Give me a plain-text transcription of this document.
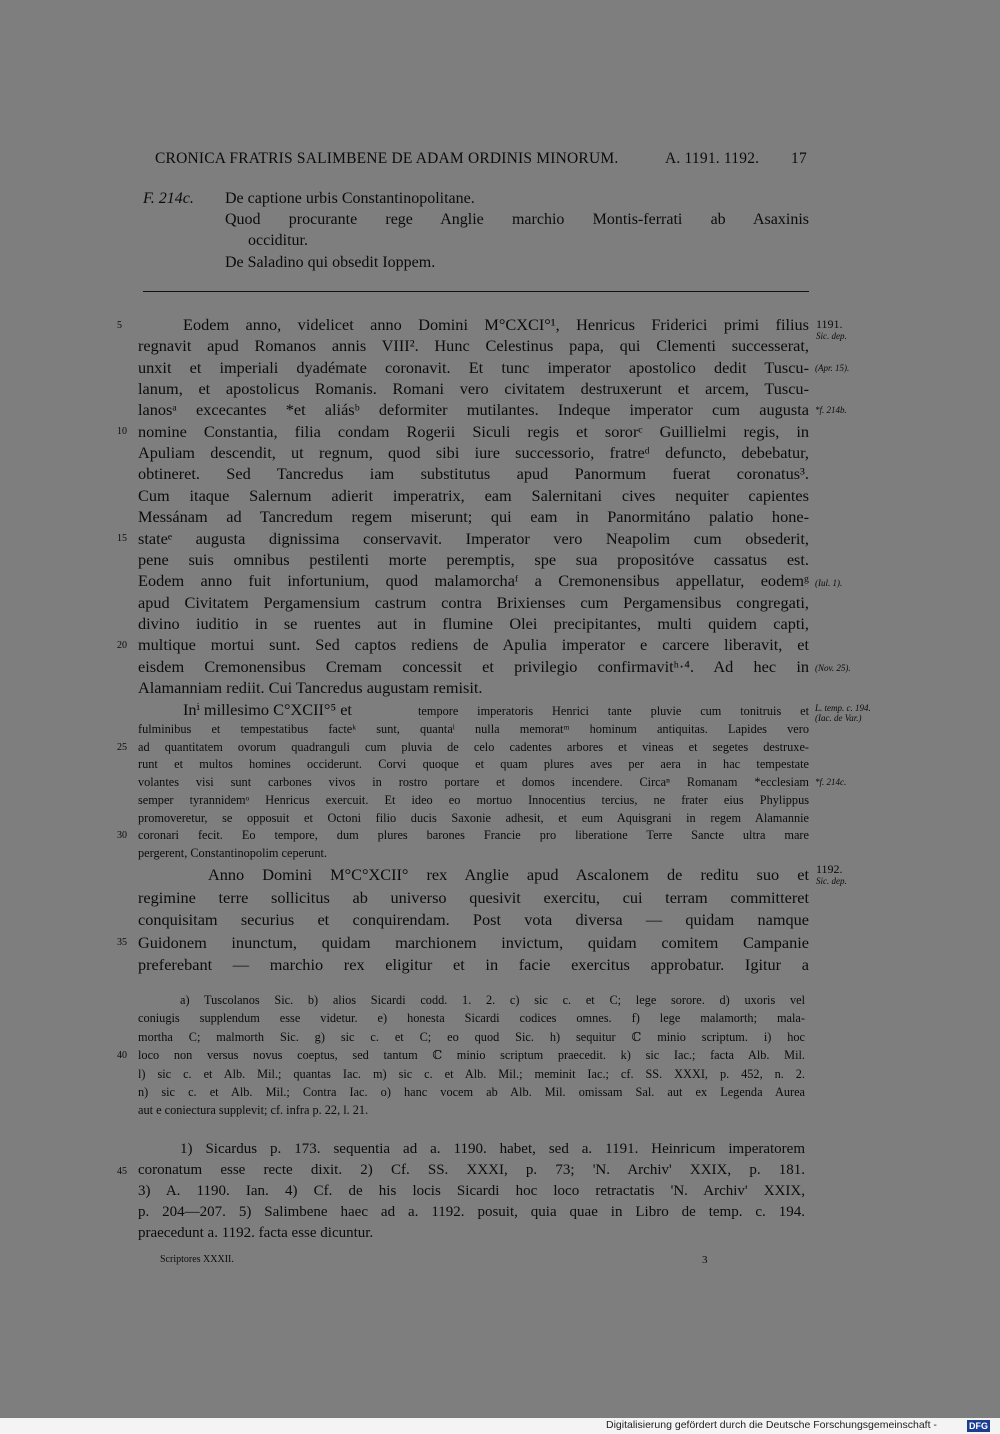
CRONICA FRATRIS SALIMBENE DE ADAM ORDINIS MINORUM.	A. 1191. 1192. 17
F. 214c. De captione urbis Constantinopolitane.
Quod procurante rege Anglie marchio Montis-ferrati ab Asaxinis
occiditur.
De Saladino qui obsedit Ioppem.
Eodem anno, videlicet anno Domini M°CXCI°¹, Henricus Friderici primi filius
regnavit apud Romanos annis VIII². Hunc Celestinus papa, qui Clementi successerat,
unxit et imperiali dyadémate coronavit. Et tunc imperator apostolico dedit Tuscu-
lanum, et apostolicus Romanis. Romani vero civitatem destruxerunt et arcem, Tuscu-
lanosᵃ excecantes *et aliásᵇ deformiter mutilantes. Indeque imperator cum augusta
nomine Constantia, filia condam Rogerii Siculi regis et sororᶜ Guillielmi regis, in
Apuliam descendit, ut regnum, quod sibi iure successorio, fratreᵈ defuncto, debebatur,
obtineret. Sed Tancredus iam substitutus apud Panormum fuerat coronatus³.
Cum itaque Salernum adierit imperatrix, eam Salernitani cives nequiter capientes
Messánam ad Tancredum regem miserunt; qui eam in Panormitáno palatio hone-
stateᵉ augusta dignissima conservavit. Imperator vero Neapolim cum obsederit,
pene suis omnibus pestilenti morte peremptis, spe sua propositóve cassatus est.
Eodem anno fuit infortunium, quod malamorchaᶠ a Cremonensibus appellatur, eodemᵍ
apud Civitatem Pergamensium castrum contra Brixienses cum Pergamensibus congregati,
divino iuditio in se ruentes aut in flumine Olei precipitantes, multi quidem capti,
multique mortui sunt. Sed captos rediens de Apulia imperator e carcere liberavit, et
eisdem Cremonensibus Cremam concessit et privilegio confirmavitʰ·⁴. Ad hec in
Alamanniam rediit. Cui Tancredus augustam remisit.
Inⁱ millesimo C°XCII°⁵ et	tempore imperatoris Henrici tante pluvie cum tonitruis et
fulminibus et tempestatibus facteᵏ sunt, quantaˡ nulla memoratᵐ hominum antiquitas. Lapides vero
ad quantitatem ovorum quadranguli cum pluvia de celo cadentes arbores et vineas et segetes destruxe-
runt et multos homines occiderunt. Corvi quoque et quam plures aves per aera in hac tempestate
volantes visi sunt carbones vivos in rostro portare et domos incendere. Circaⁿ Romanam *ecclesiam
semper tyrannidemᵒ Henricus exercuit. Et ideo eo mortuo Innocentius tercius, ne frater eius Phylippus
promoveretur, se opposuit et Octoni filio ducis Saxonie adhesit, et eum Aquisgrani in regem Alamannie
coronari fecit. Eo tempore, dum plures barones Francie pro liberatione Terre Sancte ultra mare
pergerent, Constantinopolim ceperunt.
Anno Domini M°C°XCII° rex Anglie apud Ascalonem de reditu suo et
regimine terre sollicitus ab universo quesivit exercitu, cui terram committeret
conquisitam securius et conquirendam. Post vota diversa — quidam namque
Guidonem inunctum, quidam marchionem invictum, quidam comitem Campanie
preferebant — marchio rex eligitur et in facie exercitus approbatur. Igitur a
a) Tuscolanos Sic. b) alios Sicardi codd. 1. 2. c) sic c. et C; lege sorore. d) uxoris vel
coniugis supplendum esse videtur. e) honesta Sicardi codices omnes. f) lege malamorth; mala-
mortha C; malmorth Sic. g) sic c. et C; eo quod Sic. h) sequitur ℂ minio scriptum. i) hoc
loco non versus novus coeptus, sed tantum ℂ minio scriptum praecedit. k) sic Iac.; facta Alb. Mil.
l) sic c. et Alb. Mil.; quantas Iac. m) sic c. et Alb. Mil.; meminit Iac.; cf. SS. XXXI, p. 452, n. 2.
n) sic c. et Alb. Mil.; Contra Iac. o) hanc vocem ab Alb. Mil. omissam Sal. aut ex Legenda Aurea
aut e coniectura supplevit; cf. infra p. 22, l. 21.
1) Sicardus p. 173. sequentia ad a. 1190. habet, sed a. 1191. Heinricum imperatorem
coronatum esse recte dixit. 2) Cf. SS. XXXI, p. 73; 'N. Archiv' XXIX, p. 181.
3) A. 1190. Ian. 4) Cf. de his locis Sicardi hoc loco retractatis 'N. Archiv' XXIX,
p. 204—207. 5) Salimbene haec ad a. 1192. posuit, quia quae in Libro de temp. c. 194.
praecedunt a. 1192. facta esse dicuntur.
5
10
15
20
25
30
35
40
45
1191.
Sic. dep.
(Apr. 15).
*f. 214b.
(Iul. 1).
(Nov. 25).
L. temp. c. 194.
(Iac. de Var.)
*f. 214c.
1192.
Sic. dep.
Scriptores XXXII.	3
Digitalisierung gefördert durch die Deutsche Forschungsgemeinschaft -	DFG
